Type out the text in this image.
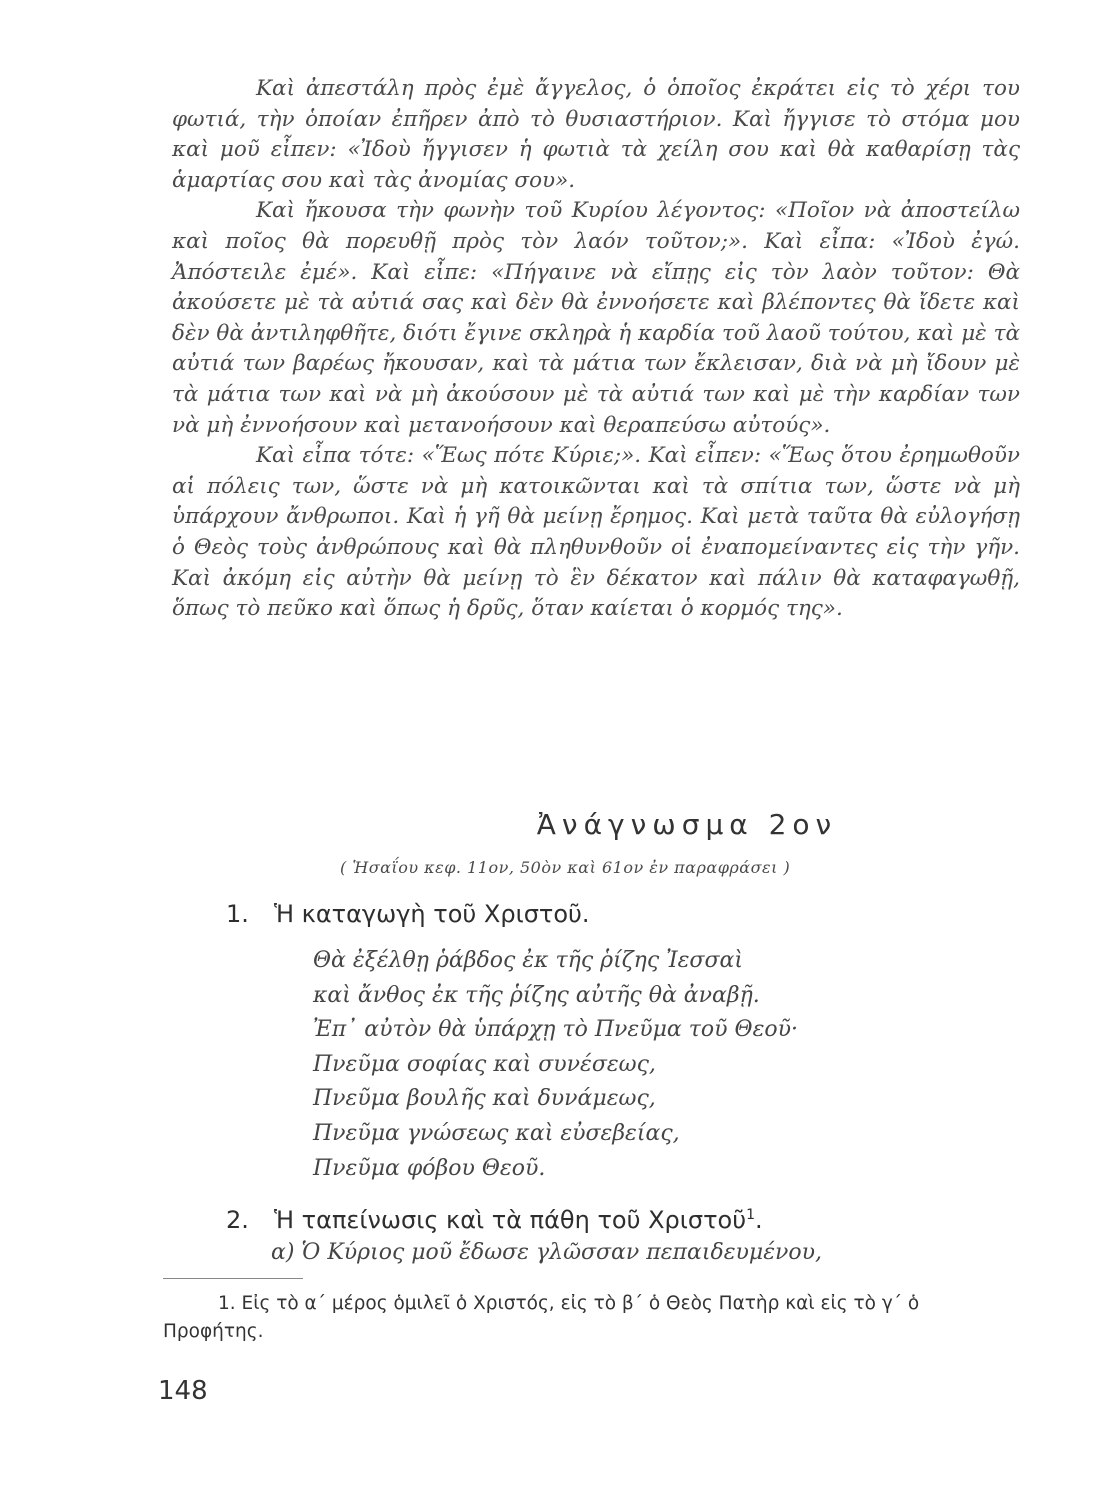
Καὶ ἀπεστάλη πρὸς ἐμὲ ἄγγελος, ὁ ὁποῖος ἐκράτει εἰς τὸ χέρι του φωτιά, τὴν ὁποίαν ἐπῆρεν ἀπὸ τὸ θυσιαστήριον. Καὶ ἤγγισε τὸ στόμα μου καὶ μοῦ εἶπεν: «Ἰδοὺ ἤγγισεν ἡ φωτιὰ τὰ χείλη σου καὶ θὰ καθαρίσῃ τὰς ἁμαρτίας σου καὶ τὰς ἀνομίας σου».

Καὶ ἤκουσα τὴν φωνὴν τοῦ Κυρίου λέγοντος: «Ποῖον νὰ ἀποστείλω καὶ ποῖος θὰ πορευθῇ πρὸς τὸν λαόν τοῦτον;». Καὶ εἶπα: «Ἰδοὺ ἐγώ. Ἀπόστειλε ἐμέ». Καὶ εἶπε: «Πήγαινε νὰ εἴπῃς εἰς τὸν λαὸν τοῦτον: Θὰ ἀκούσετε μὲ τὰ αὐτιά σας καὶ δὲν θὰ ἐννοήσετε καὶ βλέποντες θὰ ἴδετε καὶ δὲν θὰ ἀντιληφθῆτε, διότι ἔγινε σκληρὰ ἡ καρδία τοῦ λαοῦ τούτου, καὶ μὲ τὰ αὐτιά των βαρέως ἤκουσαν, καὶ τὰ μάτια των ἔκλεισαν, διὰ νὰ μὴ ἴδουν μὲ τὰ μάτια των καὶ νὰ μὴ ἀκούσουν μὲ τὰ αὐτιά των καὶ μὲ τὴν καρδίαν των νὰ μὴ ἐννοήσουν καὶ μετανοήσουν καὶ θεραπεύσω αὐτούς».

Καὶ εἶπα τότε: «Ἕως πότε Κύριε;». Καὶ εἶπεν: «Ἕως ὅτου ἐρημωθοῦν αἱ πόλεις των, ὥστε νὰ μὴ κατοικῶνται καὶ τὰ σπίτια των, ὥστε νὰ μὴ ὑπάρχουν ἄνθρωποι. Καὶ ἡ γῆ θὰ μείνῃ ἔρημος. Καὶ μετὰ ταῦτα θὰ εὐλογήσῃ ὁ Θεὸς τοὺς ἀνθρώπους καὶ θὰ πληθυνθοῦν οἱ ἐναπομείναντες εἰς τὴν γῆν. Καὶ ἀκόμη εἰς αὐτὴν θὰ μείνῃ τὸ ἓν δέκατον καὶ πάλιν θὰ καταφαγωθῇ, ὅπως τὸ πεῦκο καὶ ὅπως ἡ δρῦς, ὅταν καίεται ὁ κορμός της».

Ἀνάγνωσμα 2ον
( Ἡσαΐου κεφ. 11ον, 50ὸν καὶ 61ον ἐν παραφράσει )
1. Ἡ καταγωγὴ τοῦ Χριστοῦ.
Θὰ ἐξέλθῃ ῥάβδος ἐκ τῆς ῥίζης Ἰεσσαὶ
καὶ ἄνθος ἐκ τῆς ῥίζης αὐτῆς θὰ ἀναβῇ.
Ἐπ᾽ αὐτὸν θὰ ὑπάρχῃ τὸ Πνεῦμα τοῦ Θεοῦ·
Πνεῦμα σοφίας καὶ συνέσεως,
Πνεῦμα βουλῆς καὶ δυνάμεως,
Πνεῦμα γνώσεως καὶ εὐσεβείας,
Πνεῦμα φόβου Θεοῦ.
2. Ἡ ταπείνωσις καὶ τὰ πάθη τοῦ Χριστοῦ$^1$.
α) Ὁ Κύριος μοῦ ἔδωσε γλῶσσαν πεπαιδευμένου,
1. Εἰς τὸ α΄ μέρος ὁμιλεῖ ὁ Χριστός, εἰς τὸ β΄ ὁ Θεὸς Πατὴρ καὶ εἰς τὸ γ΄ ὁ Προφήτης.
148
